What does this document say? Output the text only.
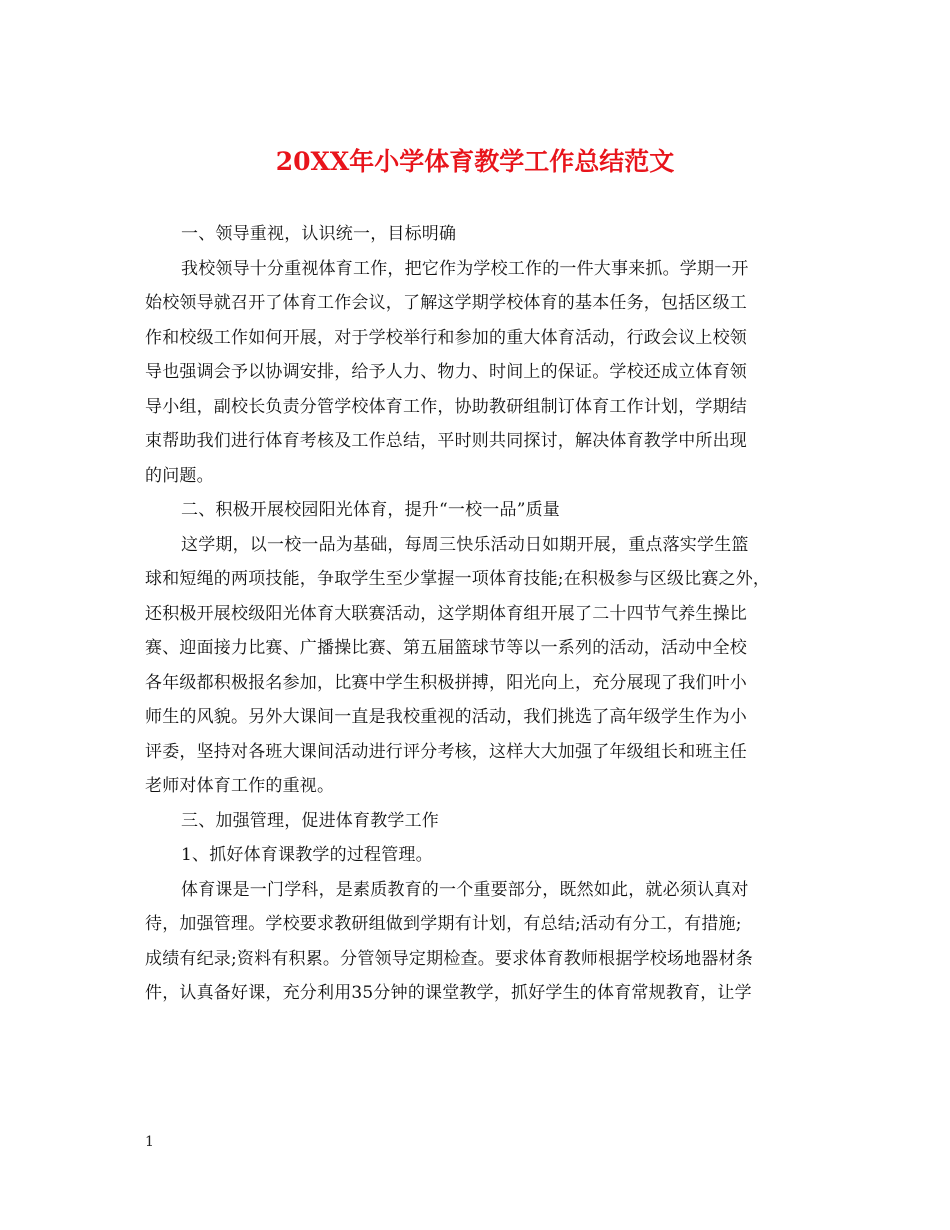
20XX年小学体育教学工作总结范文
一、领导重视，认识统一，目标明确
我校领导十分重视体育工作，把它作为学校工作的一件大事来抓。学期一开
始校领导就召开了体育工作会议，了解这学期学校体育的基本任务，包括区级工
作和校级工作如何开展，对于学校举行和参加的重大体育活动，行政会议上校领
导也强调会予以协调安排，给予人力、物力、时间上的保证。学校还成立体育领
导小组，副校长负责分管学校体育工作，协助教研组制订体育工作计划，学期结
束帮助我们进行体育考核及工作总结，平时则共同探讨，解决体育教学中所出现
的问题。
二、积极开展校园阳光体育，提升“一校一品”质量
这学期，以一校一品为基础，每周三快乐活动日如期开展，重点落实学生篮
球和短绳的两项技能，争取学生至少掌握一项体育技能;在积极参与区级比赛之外，
还积极开展校级阳光体育大联赛活动，这学期体育组开展了二十四节气养生操比
赛、迎面接力比赛、广播操比赛、第五届篮球节等以一系列的活动，活动中全校
各年级都积极报名参加，比赛中学生积极拼搏，阳光向上，充分展现了我们叶小
师生的风貌。另外大课间一直是我校重视的活动，我们挑选了高年级学生作为小
评委，坚持对各班大课间活动进行评分考核，这样大大加强了年级组长和班主任
老师对体育工作的重视。
三、加强管理，促进体育教学工作
1、抓好体育课教学的过程管理。
体育课是一门学科，是素质教育的一个重要部分，既然如此，就必须认真对
待，加强管理。学校要求教研组做到学期有计划，有总结;活动有分工，有措施;
成绩有纪录;资料有积累。分管领导定期检查。要求体育教师根据学校场地器材条
件，认真备好课，充分利用35分钟的课堂教学，抓好学生的体育常规教育，让学
1
